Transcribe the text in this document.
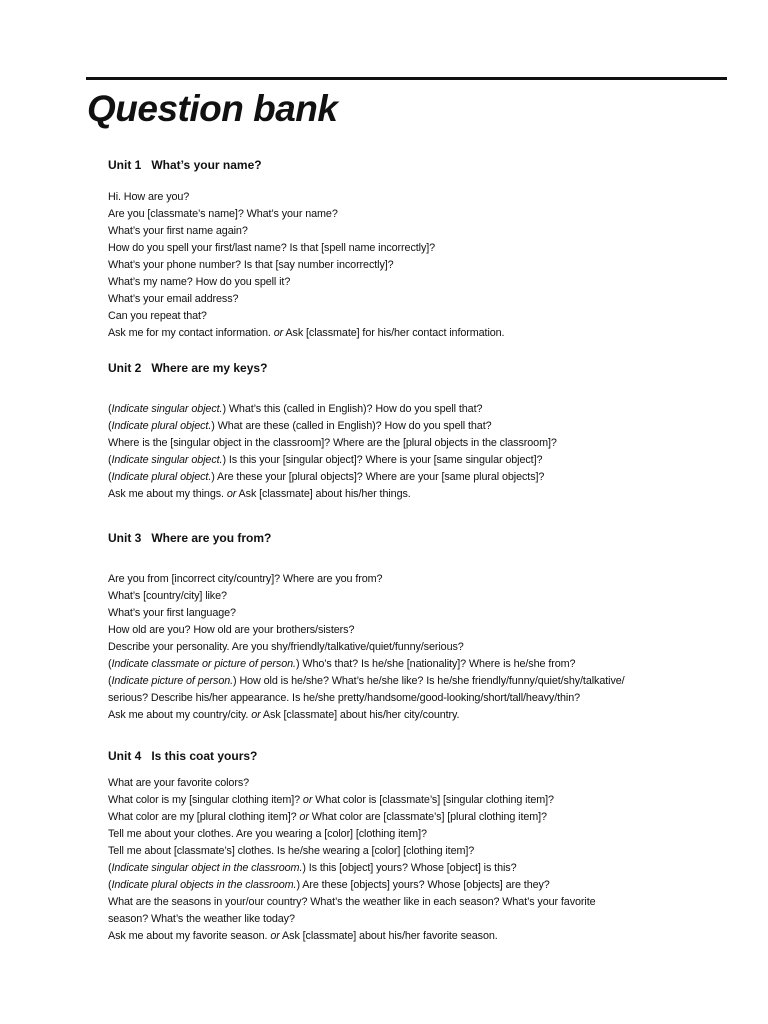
Question bank
Unit 1 What’s your name?
Hi. How are you?
Are you [classmate’s name]? What’s your name?
What’s your first name again?
How do you spell your first/last name? Is that [spell name incorrectly]?
What’s your phone number? Is that [say number incorrectly]?
What’s my name? How do you spell it?
What’s your email address?
Can you repeat that?
Ask me for my contact information. or Ask [classmate] for his/her contact information.
Unit 2 Where are my keys?
(Indicate singular object.) What’s this (called in English)? How do you spell that?
(Indicate plural object.) What are these (called in English)? How do you spell that?
Where is the [singular object in the classroom]? Where are the [plural objects in the classroom]?
(Indicate singular object.) Is this your [singular object]? Where is your [same singular object]?
(Indicate plural object.) Are these your [plural objects]? Where are your [same plural objects]?
Ask me about my things. or Ask [classmate] about his/her things.
Unit 3 Where are you from?
Are you from [incorrect city/country]? Where are you from?
What’s [country/city] like?
What’s your first language?
How old are you? How old are your brothers/sisters?
Describe your personality. Are you shy/friendly/talkative/quiet/funny/serious?
(Indicate classmate or picture of person.) Who’s that? Is he/she [nationality]? Where is he/she from?
(Indicate picture of person.) How old is he/she? What’s he/she like? Is he/she friendly/funny/quiet/shy/talkative/
serious? Describe his/her appearance. Is he/she pretty/handsome/good-looking/short/tall/heavy/thin?
Ask me about my country/city. or Ask [classmate] about his/her city/country.
Unit 4 Is this coat yours?
What are your favorite colors?
What color is my [singular clothing item]? or What color is [classmate’s] [singular clothing item]?
What color are my [plural clothing item]? or What color are [classmate’s] [plural clothing item]?
Tell me about your clothes. Are you wearing a [color] [clothing item]?
Tell me about [classmate’s] clothes. Is he/she wearing a [color] [clothing item]?
(Indicate singular object in the classroom.) Is this [object] yours? Whose [object] is this?
(Indicate plural objects in the classroom.) Are these [objects] yours? Whose [objects] are they?
What are the seasons in your/our country? What’s the weather like in each season? What’s your favorite
season? What’s the weather like today?
Ask me about my favorite season. or Ask [classmate] about his/her favorite season.
